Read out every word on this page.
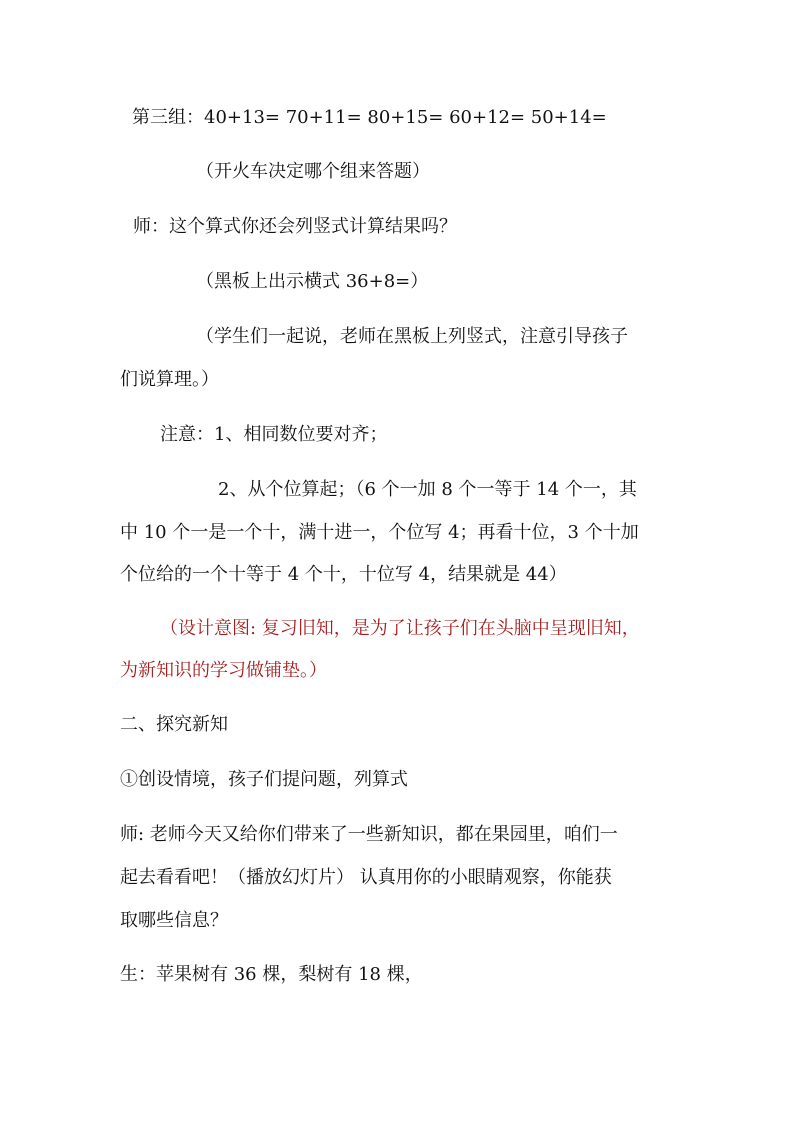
第三组：40+13= 70+11= 80+15= 60+12= 50+14=

（开火车决定哪个组来答题）

师：这个算式你还会列竖式计算结果吗？

（黑板上出示横式 36+8=）

（学生们一起说，老师在黑板上列竖式，注意引导孩子

们说算理。）

注意：1、相同数位要对齐；

2、从个位算起；（6 个一加 8 个一等于 14 个一，其

中 10 个一是一个十，满十进一，个位写 4；再看十位，3 个十加

个位给的一个十等于 4 个十，十位写 4，结果就是 44）

（设计意图: 复习旧知，是为了让孩子们在头脑中呈现旧知，

为新知识的学习做铺垫。）

二、探究新知

①创设情境，孩子们提问题，列算式

师: 老师今天又给你们带来了一些新知识，都在果园里，咱们一

起去看看吧！（播放幻灯片） 认真用你的小眼睛观察，你能获

取哪些信息？

生：苹果树有 36 棵，梨树有 18 棵，
